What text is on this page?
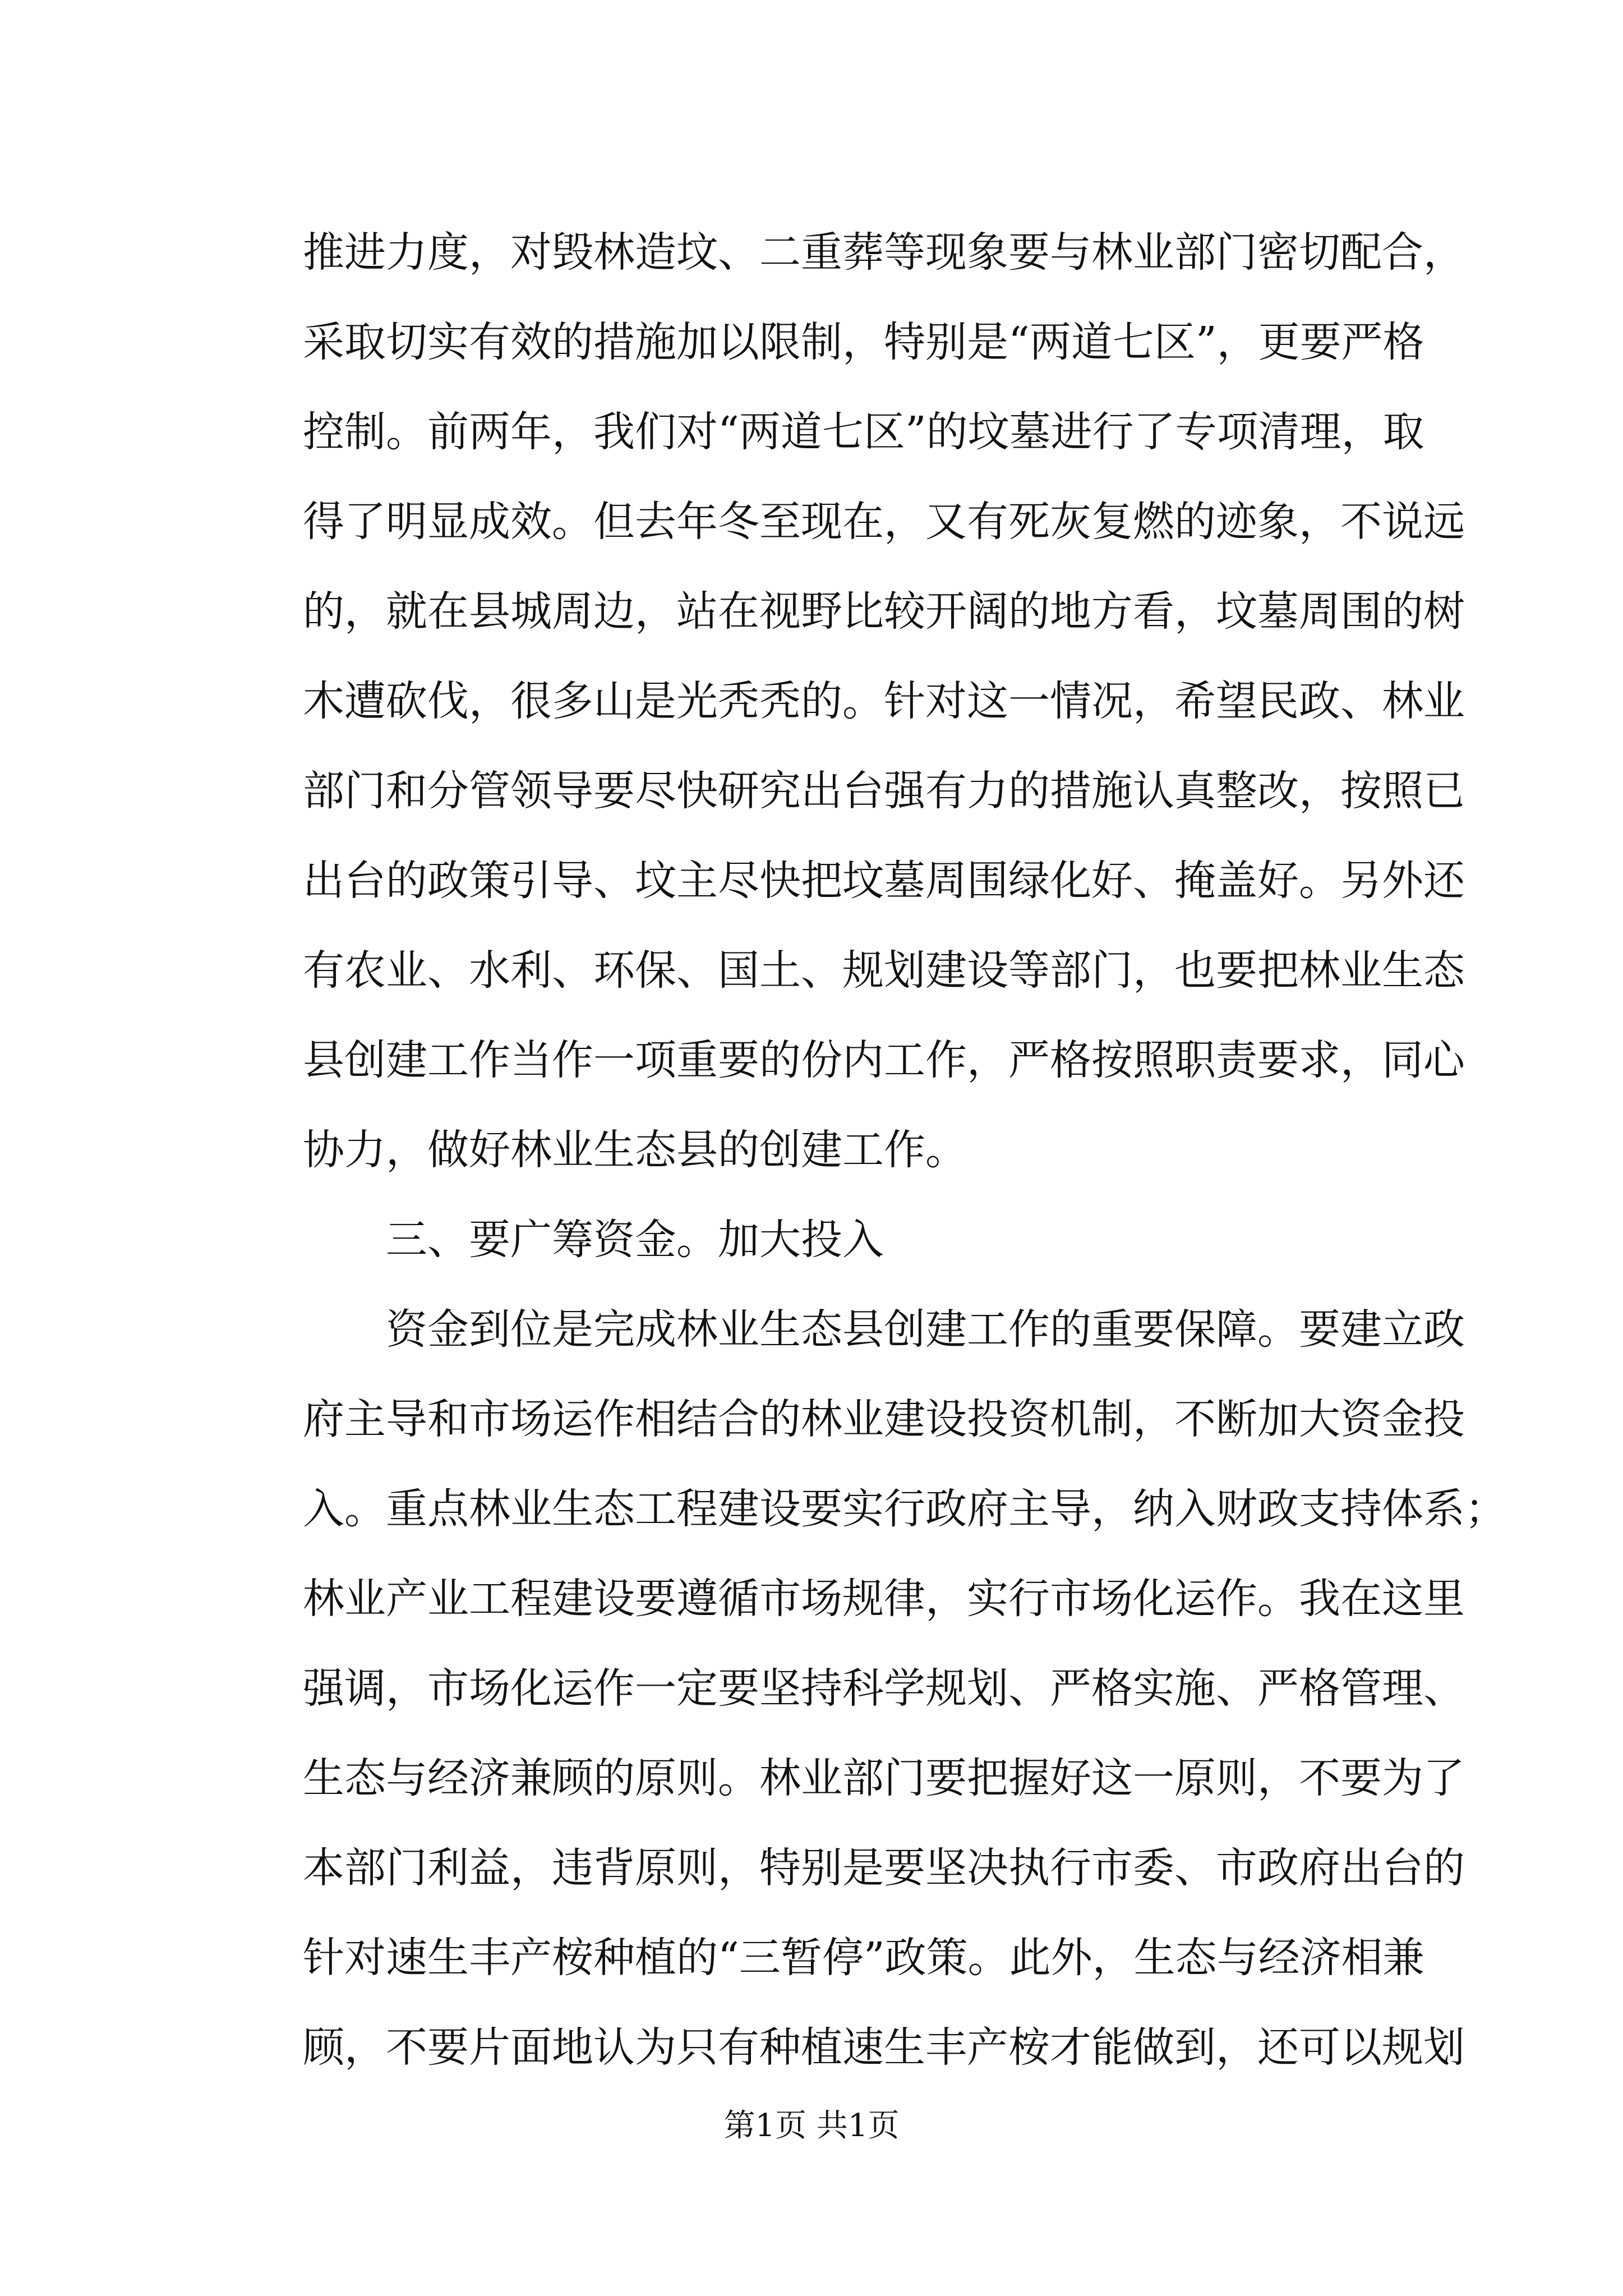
推进力度，对毁林造坟、二重葬等现象要与林业部门密切配合，
采取切实有效的措施加以限制，特别是“两道七区”，更要严格
控制。前两年，我们对“两道七区”的坟墓进行了专项清理，取
得了明显成效。但去年冬至现在，又有死灰复燃的迹象，不说远
的，就在县城周边，站在视野比较开阔的地方看，坟墓周围的树
木遭砍伐，很多山是光秃秃的。针对这一情况，希望民政、林业
部门和分管领导要尽快研究出台强有力的措施认真整改，按照已
出台的政策引导、坟主尽快把坟墓周围绿化好、掩盖好。另外还
有农业、水利、环保、国土、规划建设等部门，也要把林业生态
县创建工作当作一项重要的份内工作，严格按照职责要求，同心
协力，做好林业生态县的创建工作。
三、要广筹资金。加大投入
资金到位是完成林业生态县创建工作的重要保障。要建立政
府主导和市场运作相结合的林业建设投资机制，不断加大资金投
入。重点林业生态工程建设要实行政府主导，纳入财政支持体系；
林业产业工程建设要遵循市场规律，实行市场化运作。我在这里
强调，市场化运作一定要坚持科学规划、严格实施、严格管理、
生态与经济兼顾的原则。林业部门要把握好这一原则，不要为了
本部门利益，违背原则，特别是要坚决执行市委、市政府出台的
针对速生丰产桉种植的“三暂停”政策。此外，生态与经济相兼
顾，不要片面地认为只有种植速生丰产桉才能做到，还可以规划
第1页 共1页
